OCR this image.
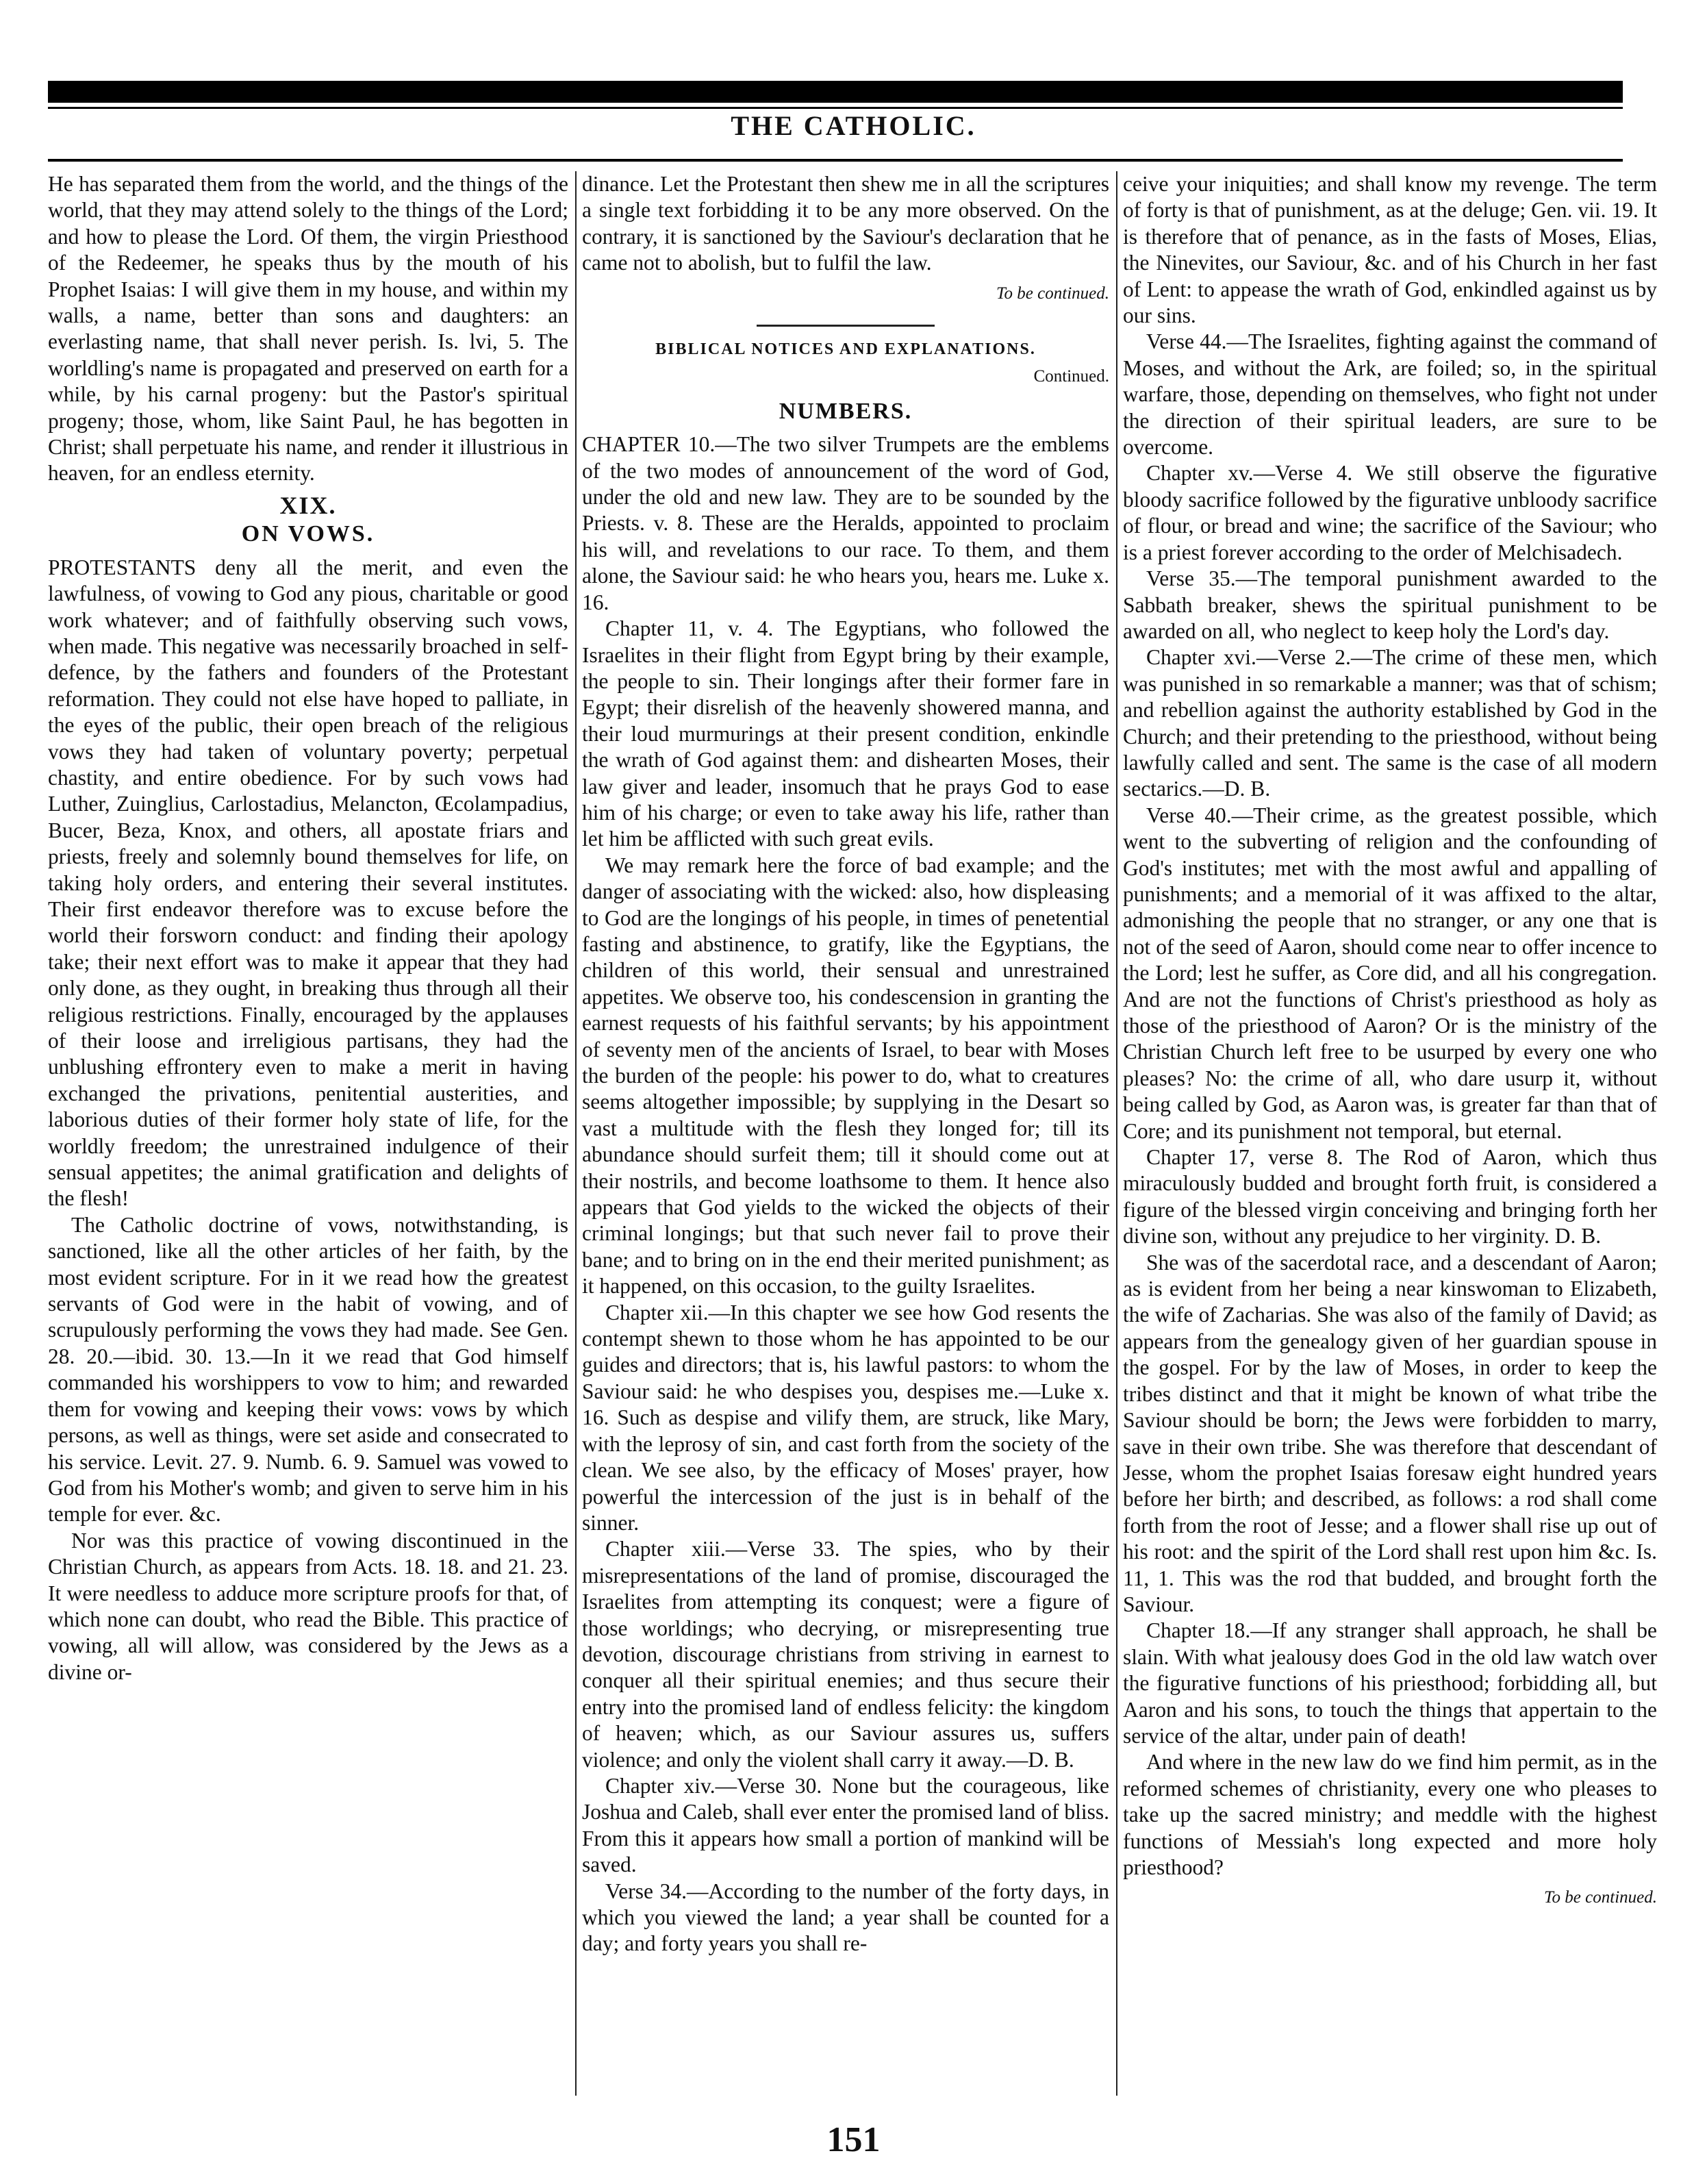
THE CATHOLIC.

He has separated them from the world, and the things of the world, that they may attend solely to the things of the Lord; and how to please the Lord. Of them, the virgin Priesthood of the Redeemer, he speaks thus by the mouth of his Prophet Isaias: I will give them in my house, and within my walls, a name, better than sons and daughters: an everlasting name, that shall never perish. Is. lvi, 5. The worldling's name is propagated and preserved on earth for a while, by his carnal progeny: but the Pastor's spiritual progeny; those, whom, like Saint Paul, he has begotten in Christ; shall perpetuate his name, and render it illustrious in heaven, for an endless eternity.

XIX.
ON VOWS.

PROTESTANTS deny all the merit, and even the lawfulness, of vowing to God any pious, charitable or good work whatever; and of faithfully observing such vows, when made. This negative was necessarily broached in self-defence, by the fathers and founders of the Protestant reformation. They could not else have hoped to palliate, in the eyes of the public, their open breach of the religious vows they had taken of voluntary poverty; perpetual chastity, and entire obedience. For by such vows had Luther, Zuinglius, Carlostadius, Melancton, Œcolampadius, Bucer, Beza, Knox, and others, all apostate friars and priests, freely and solemnly bound themselves for life, on taking holy orders, and entering their several institutes. Their first endeavor therefore was to excuse before the world their forsworn conduct: and finding their apology take; their next effort was to make it appear that they had only done, as they ought, in breaking thus through all their religious restrictions. Finally, encouraged by the applauses of their loose and irreligious partisans, they had the unblushing effrontery even to make a merit in having exchanged the privations, penitential austerities, and laborious duties of their former holy state of life, for the worldly freedom; the unrestrained indulgence of their sensual appetites; the animal gratification and delights of the flesh!

The Catholic doctrine of vows, notwithstanding, is sanctioned, like all the other articles of her faith, by the most evident scripture. For in it we read how the greatest servants of God were in the habit of vowing, and of scrupulously performing the vows they had made. See Gen. 28. 20.—ibid. 30. 13.—In it we read that God himself commanded his worshippers to vow to him; and rewarded them for vowing and keeping their vows: vows by which persons, as well as things, were set aside and consecrated to his service. Levit. 27. 9. Numb. 6. 9. Samuel was vowed to God from his Mother's womb; and given to serve him in his temple for ever. &c.

Nor was this practice of vowing discontinued in the Christian Church, as appears from Acts. 18. 18. and 21. 23. It were needless to adduce more scripture proofs for that, of which none can doubt, who read the Bible. This practice of vowing, all will allow, was considered by the Jews as a divine or-

dinance. Let the Protestant then shew me in all the scriptures a single text forbidding it to be any more observed. On the contrary, it is sanctioned by the Saviour's declaration that he came not to abolish, but to fulfil the law.

To be continued.
BIBLICAL NOTICES AND EXPLANATIONS.
Continued.
NUMBERS.

CHAPTER 10.—The two silver Trumpets are the emblems of the two modes of announcement of the word of God, under the old and new law. They are to be sounded by the Priests. v. 8. These are the Heralds, appointed to proclaim his will, and revelations to our race. To them, and them alone, the Saviour said: he who hears you, hears me. Luke x. 16.

Chapter 11, v. 4. The Egyptians, who followed the Israelites in their flight from Egypt bring by their example, the people to sin. Their longings after their former fare in Egypt; their disrelish of the heavenly showered manna, and their loud murmurings at their present condition, enkindle the wrath of God against them: and dishearten Moses, their law giver and leader, insomuch that he prays God to ease him of his charge; or even to take away his life, rather than let him be afflicted with such great evils.

We may remark here the force of bad example; and the danger of associating with the wicked: also, how displeasing to God are the longings of his people, in times of penetential fasting and abstinence, to gratify, like the Egyptians, the children of this world, their sensual and unrestrained appetites. We observe too, his condescension in granting the earnest requests of his faithful servants; by his appointment of seventy men of the ancients of Israel, to bear with Moses the burden of the people: his power to do, what to creatures seems altogether impossible; by supplying in the Desart so vast a multitude with the flesh they longed for; till its abundance should surfeit them; till it should come out at their nostrils, and become loathsome to them. It hence also appears that God yields to the wicked the objects of their criminal longings; but that such never fail to prove their bane; and to bring on in the end their merited punishment; as it happened, on this occasion, to the guilty Israelites.

Chapter xii.—In this chapter we see how God resents the contempt shewn to those whom he has appointed to be our guides and directors; that is, his lawful pastors: to whom the Saviour said: he who despises you, despises me.—Luke x. 16. Such as despise and vilify them, are struck, like Mary, with the leprosy of sin, and cast forth from the society of the clean. We see also, by the efficacy of Moses' prayer, how powerful the intercession of the just is in behalf of the sinner.

Chapter xiii.—Verse 33. The spies, who by their misrepresentations of the land of promise, discouraged the Israelites from attempting its conquest; were a figure of those worldings; who decrying, or misrepresenting true devotion, discourage christians from striving in earnest to conquer all their spiritual enemies; and thus secure their entry into the promised land of endless felicity: the kingdom of heaven; which, as our Saviour assures us, suffers violence; and only the violent shall carry it away.—D. B.

Chapter xiv.—Verse 30. None but the courageous, like Joshua and Caleb, shall ever enter the promised land of bliss. From this it appears how small a portion of mankind will be saved.

Verse 34.—According to the number of the forty days, in which you viewed the land; a year shall be counted for a day; and forty years you shall re-

ceive your iniquities; and shall know my revenge. The term of forty is that of punishment, as at the deluge; Gen. vii. 19. It is therefore that of penance, as in the fasts of Moses, Elias, the Ninevites, our Saviour, &c. and of his Church in her fast of Lent: to appease the wrath of God, enkindled against us by our sins.

Verse 44.—The Israelites, fighting against the command of Moses, and without the Ark, are foiled; so, in the spiritual warfare, those, depending on themselves, who fight not under the direction of their spiritual leaders, are sure to be overcome.

Chapter xv.—Verse 4. We still observe the figurative bloody sacrifice followed by the figurative unbloody sacrifice of flour, or bread and wine; the sacrifice of the Saviour; who is a priest forever according to the order of Melchisadech.

Verse 35.—The temporal punishment awarded to the Sabbath breaker, shews the spiritual punishment to be awarded on all, who neglect to keep holy the Lord's day.

Chapter xvi.—Verse 2.—The crime of these men, which was punished in so remarkable a manner; was that of schism; and rebellion against the authority established by God in the Church; and their pretending to the priesthood, without being lawfully called and sent. The same is the case of all modern sectarics.—D. B.

Verse 40.—Their crime, as the greatest possible, which went to the subverting of religion and the confounding of God's institutes; met with the most awful and appalling of punishments; and a memorial of it was affixed to the altar, admonishing the people that no stranger, or any one that is not of the seed of Aaron, should come near to offer incence to the Lord; lest he suffer, as Core did, and all his congregation. And are not the functions of Christ's priesthood as holy as those of the priesthood of Aaron? Or is the ministry of the Christian Church left free to be usurped by every one who pleases? No: the crime of all, who dare usurp it, without being called by God, as Aaron was, is greater far than that of Core; and its punishment not temporal, but eternal.

Chapter 17, verse 8. The Rod of Aaron, which thus miraculously budded and brought forth fruit, is considered a figure of the blessed virgin conceiving and bringing forth her divine son, without any prejudice to her virginity. D. B.

She was of the sacerdotal race, and a descendant of Aaron; as is evident from her being a near kinswoman to Elizabeth, the wife of Zacharias. She was also of the family of David; as appears from the genealogy given of her guardian spouse in the gospel. For by the law of Moses, in order to keep the tribes distinct and that it might be known of what tribe the Saviour should be born; the Jews were forbidden to marry, save in their own tribe. She was therefore that descendant of Jesse, whom the prophet Isaias foresaw eight hundred years before her birth; and described, as follows: a rod shall come forth from the root of Jesse; and a flower shall rise up out of his root: and the spirit of the Lord shall rest upon him &c. Is. 11, 1. This was the rod that budded, and brought forth the Saviour.

Chapter 18.—If any stranger shall approach, he shall be slain. With what jealousy does God in the old law watch over the figurative functions of his priesthood; forbidding all, but Aaron and his sons, to touch the things that appertain to the service of the altar, under pain of death!

And where in the new law do we find him permit, as in the reformed schemes of christianity, every one who pleases to take up the sacred ministry; and meddle with the highest functions of Messiah's long expected and more holy priesthood?

To be continued.
151
